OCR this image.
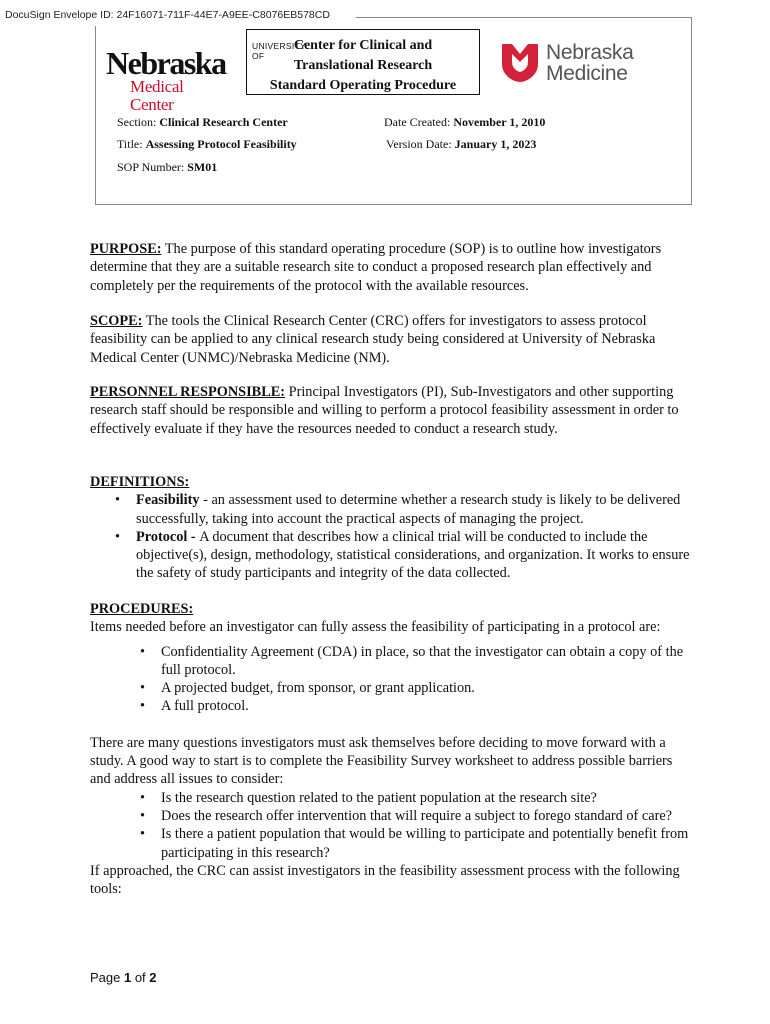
DocuSign Envelope ID: 24F16071-711F-44E7-A9EE-C8076EB578CD
UNIVERSITY OF
Nebraska
Medical Center
Center for Clinical and
Translational Research
Standard Operating Procedure
Nebraska
Medicine
Section: Clinical Research Center
Title: Assessing Protocol Feasibility
SOP Number: SM01
Date Created: November 1, 2010
Version Date: January 1, 2023
PURPOSE: The purpose of this standard operating procedure (SOP) is to outline how investigators determine that they are a suitable research site to conduct a proposed research plan effectively and completely per the requirements of the protocol with the available resources.
SCOPE: The tools the Clinical Research Center (CRC) offers for investigators to assess protocol feasibility can be applied to any clinical research study being considered at University of Nebraska Medical Center (UNMC)/Nebraska Medicine (NM).
PERSONNEL RESPONSIBLE: Principal Investigators (PI), Sub-Investigators and other supporting research staff should be responsible and willing to perform a protocol feasibility assessment in order to effectively evaluate if they have the resources needed to conduct a research study.
DEFINITIONS:
• Feasibility - an assessment used to determine whether a research study is likely to be delivered successfully, taking into account the practical aspects of managing the project.
• Protocol - A document that describes how a clinical trial will be conducted to include the objective(s), design, methodology, statistical considerations, and organization. It works to ensure the safety of study participants and integrity of the data collected.
PROCEDURES:
Items needed before an investigator can fully assess the feasibility of participating in a protocol are:
• Confidentiality Agreement (CDA) in place, so that the investigator can obtain a copy of the full protocol.
• A projected budget, from sponsor, or grant application.
• A full protocol.
There are many questions investigators must ask themselves before deciding to move forward with a study. A good way to start is to complete the Feasibility Survey worksheet to address possible barriers and address all issues to consider:
• Is the research question related to the patient population at the research site?
• Does the research offer intervention that will require a subject to forego standard of care?
• Is there a patient population that would be willing to participate and potentially benefit from participating in this research?
If approached, the CRC can assist investigators in the feasibility assessment process with the following tools:
Page 1 of 2
